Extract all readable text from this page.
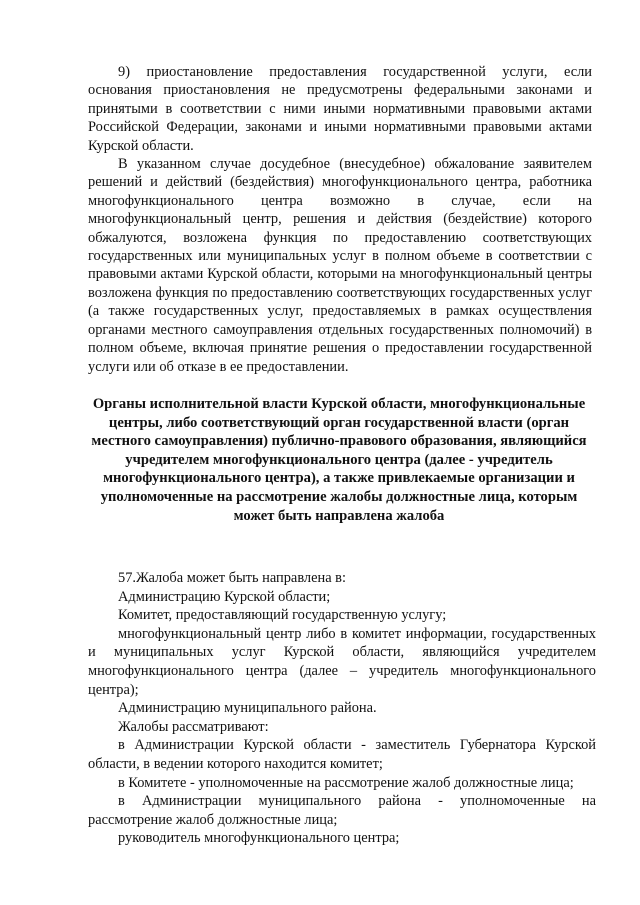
9) приостановление предоставления государственной услуги, если основания приостановления не предусмотрены федеральными законами и принятыми в соответствии с ними иными нормативными правовыми актами Российской Федерации, законами и иными нормативными правовыми актами Курской области.

В указанном случае досудебное (внесудебное) обжалование заявителем решений и действий (бездействия) многофункционального центра, работника многофункционального центра возможно в случае, если на многофункциональный центр, решения и действия (бездействие) которого обжалуются, возложена функция по предоставлению соответствующих государственных или муниципальных услуг в полном объеме в соответствии с правовыми актами Курской области, которыми на многофункциональный центры возложена функция по предоставлению соответствующих государственных услуг (а также государственных услуг, предоставляемых в рамках осуществления органами местного самоуправления отдельных государственных полномочий) в полном объеме, включая принятие решения о предоставлении государственной услуги или об отказе в ее предоставлении.

Органы исполнительной власти Курской области, многофункциональные центры, либо соответствующий орган государственной власти (орган местного самоуправления) публично-правового образования, являющийся учредителем многофункционального центра (далее - учредитель многофункционального центра), а также привлекаемые организации и уполномоченные на рассмотрение жалобы должностные лица, которым может быть направлена жалоба

57.Жалоба может быть направлена в:

Администрацию Курской области;

Комитет, предоставляющий государственную услугу;

многофункциональный центр либо в комитет информации, государственных и муниципальных услуг Курской области, являющийся учредителем многофункционального центра (далее – учредитель многофункционального центра);

Администрацию муниципального района.

Жалобы рассматривают:

в Администрации Курской области - заместитель Губернатора Курской области, в ведении которого находится комитет;

в Комитете - уполномоченные на рассмотрение жалоб должностные лица;

в Администрации муниципального района - уполномоченные на рассмотрение жалоб должностные лица;

руководитель многофункционального центра;
